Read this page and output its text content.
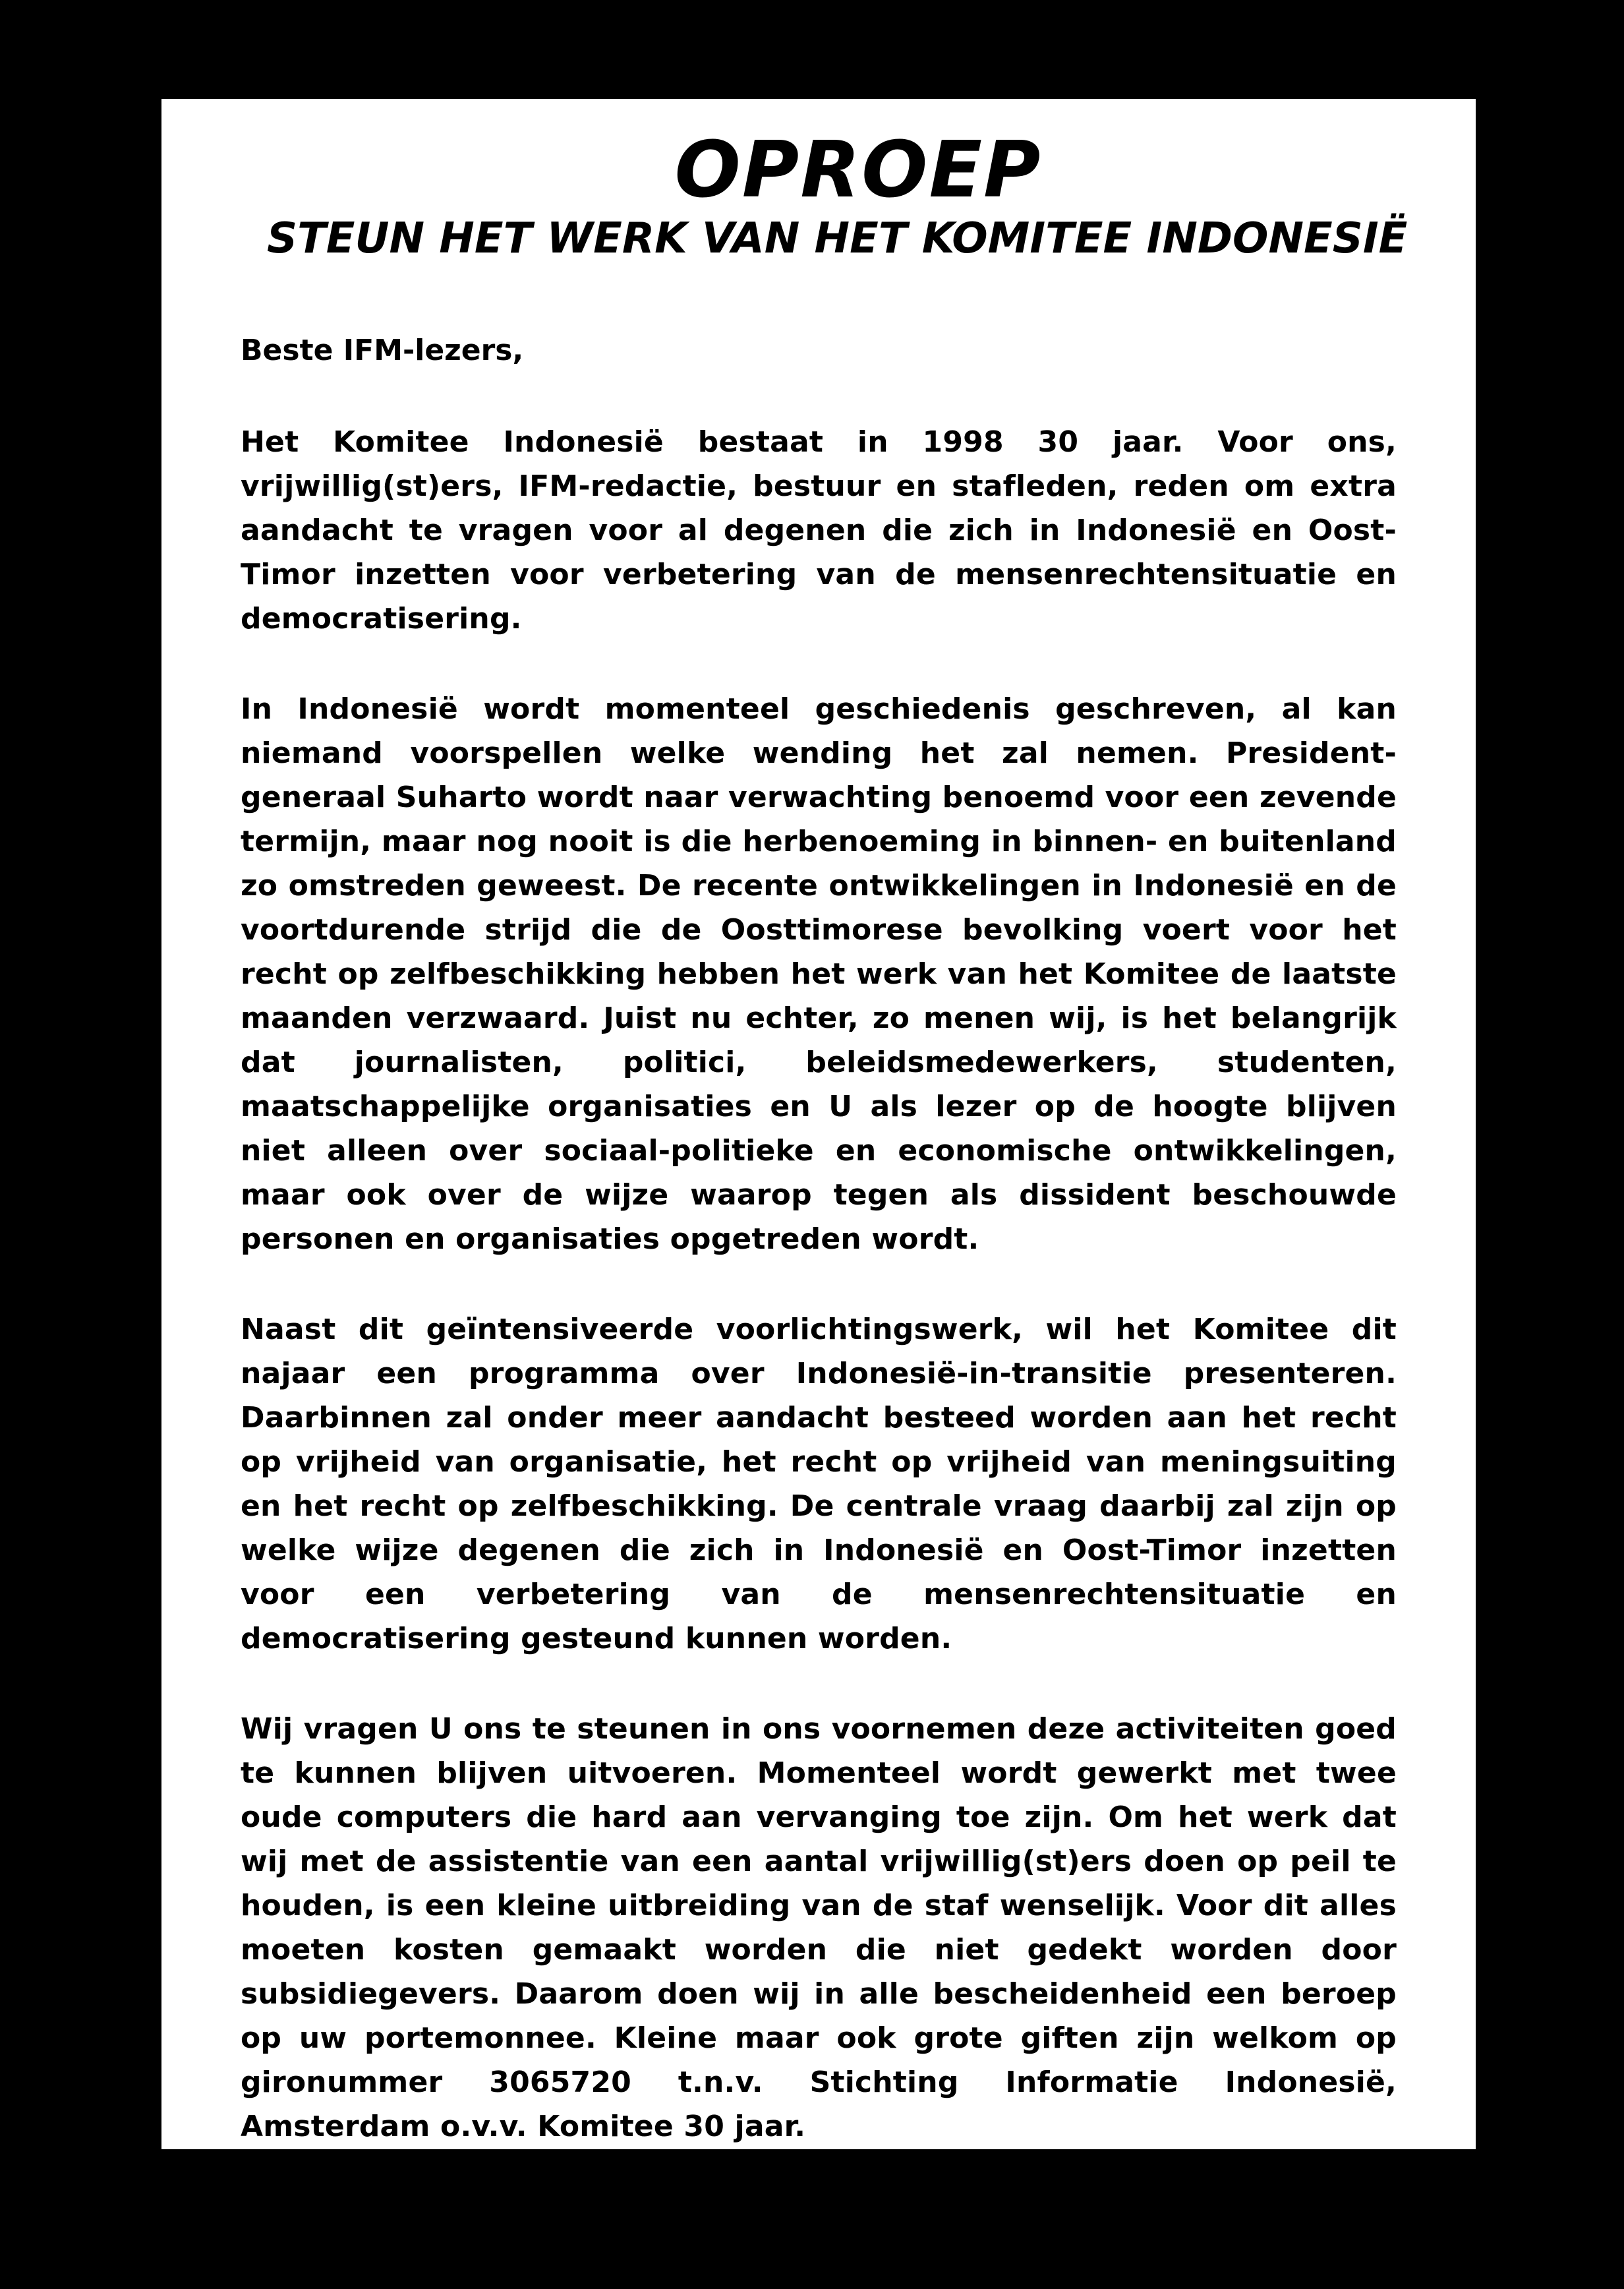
OPROEP
STEUN HET WERK VAN HET KOMITEE INDONESIË

Beste IFM-lezers,

Het Komitee Indonesië bestaat in 1998 30 jaar. Voor ons, vrijwillig(st)ers, IFM-redactie, bestuur en stafleden, reden om extra aandacht te vragen voor al degenen die zich in Indonesië en Oost-Timor inzetten voor verbetering van de mensenrechtensituatie en democratisering.

In Indonesië wordt momenteel geschiedenis geschreven, al kan niemand voorspellen welke wending het zal nemen. President-generaal Suharto wordt naar verwachting benoemd voor een zevende termijn, maar nog nooit is die herbenoeming in binnen- en buitenland zo omstreden geweest. De recente ontwikkelingen in Indonesië en de voortdurende strijd die de Oosttimorese bevolking voert voor het recht op zelfbeschikking hebben het werk van het Komitee de laatste maanden verzwaard. Juist nu echter, zo menen wij, is het belangrijk dat journalisten, politici, beleidsmedewerkers, studenten, maatschappelijke organisaties en U als lezer op de hoogte blijven niet alleen over sociaal-politieke en economische ontwikkelingen, maar ook over de wijze waarop tegen als dissident beschouwde personen en organisaties opgetreden wordt.

Naast dit geïntensiveerde voorlichtingswerk, wil het Komitee dit najaar een programma over Indonesië-in-transitie presenteren. Daarbinnen zal onder meer aandacht besteed worden aan het recht op vrijheid van organisatie, het recht op vrijheid van meningsuiting en het recht op zelfbeschikking. De centrale vraag daarbij zal zijn op welke wijze degenen die zich in Indonesië en Oost-Timor inzetten voor een verbetering van de mensenrechtensituatie en democratisering gesteund kunnen worden.

Wij vragen U ons te steunen in ons voornemen deze activiteiten goed te kunnen blijven uitvoeren. Momenteel wordt gewerkt met twee oude computers die hard aan vervanging toe zijn. Om het werk dat wij met de assistentie van een aantal vrijwillig(st)ers doen op peil te houden, is een kleine uitbreiding van de staf wenselijk. Voor dit alles moeten kosten gemaakt worden die niet gedekt worden door subsidiegevers. Daarom doen wij in alle bescheidenheid een beroep op uw portemonnee. Kleine maar ook grote giften zijn welkom op gironummer 3065720 t.n.v. Stichting Informatie Indonesië, Amsterdam o.v.v. Komitee 30 jaar.

SELAMAT TAHUN BARU
